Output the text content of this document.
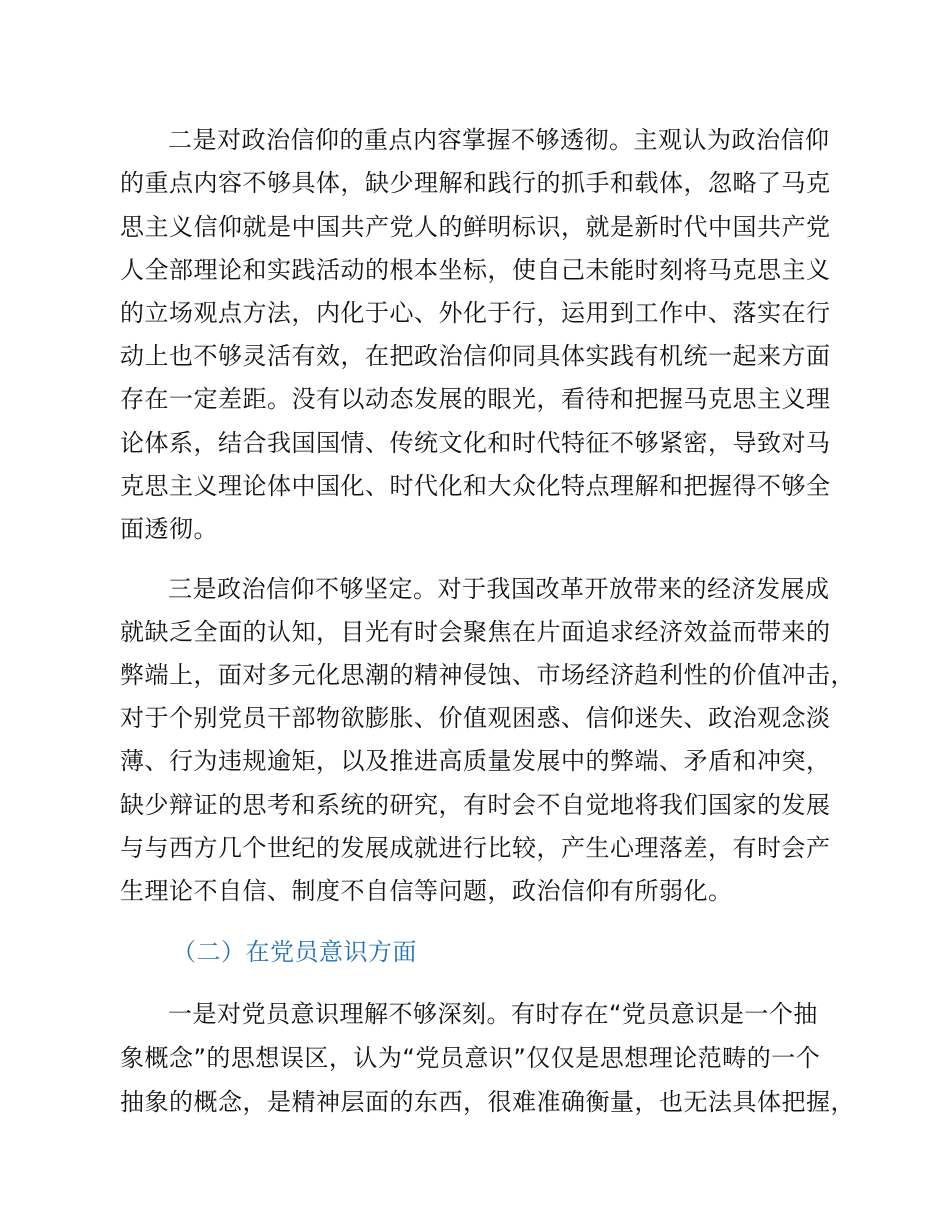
二是对政治信仰的重点内容掌握不够透彻。主观认为政治信仰
的重点内容不够具体，缺少理解和践行的抓手和载体，忽略了马克
思主义信仰就是中国共产党人的鲜明标识，就是新时代中国共产党
人全部理论和实践活动的根本坐标，使自己未能时刻将马克思主义
的立场观点方法，内化于心、外化于行，运用到工作中、落实在行
动上也不够灵活有效，在把政治信仰同具体实践有机统一起来方面
存在一定差距。没有以动态发展的眼光，看待和把握马克思主义理
论体系，结合我国国情、传统文化和时代特征不够紧密，导致对马
克思主义理论体中国化、时代化和大众化特点理解和把握得不够全
面透彻。
三是政治信仰不够坚定。对于我国改革开放带来的经济发展成
就缺乏全面的认知，目光有时会聚焦在片面追求经济效益而带来的
弊端上，面对多元化思潮的精神侵蚀、市场经济趋利性的价值冲击，
对于个别党员干部物欲膨胀、价值观困惑、信仰迷失、政治观念淡
薄、行为违规逾矩，以及推进高质量发展中的弊端、矛盾和冲突，
缺少辩证的思考和系统的研究，有时会不自觉地将我们国家的发展
与与西方几个世纪的发展成就进行比较，产生心理落差，有时会产
生理论不自信、制度不自信等问题，政治信仰有所弱化。
（二）在党员意识方面
一是对党员意识理解不够深刻。有时存在“党员意识是一个抽
象概念”的思想误区，认为“党员意识”仅仅是思想理论范畴的一个
抽象的概念，是精神层面的东西，很难准确衡量，也无法具体把握，
